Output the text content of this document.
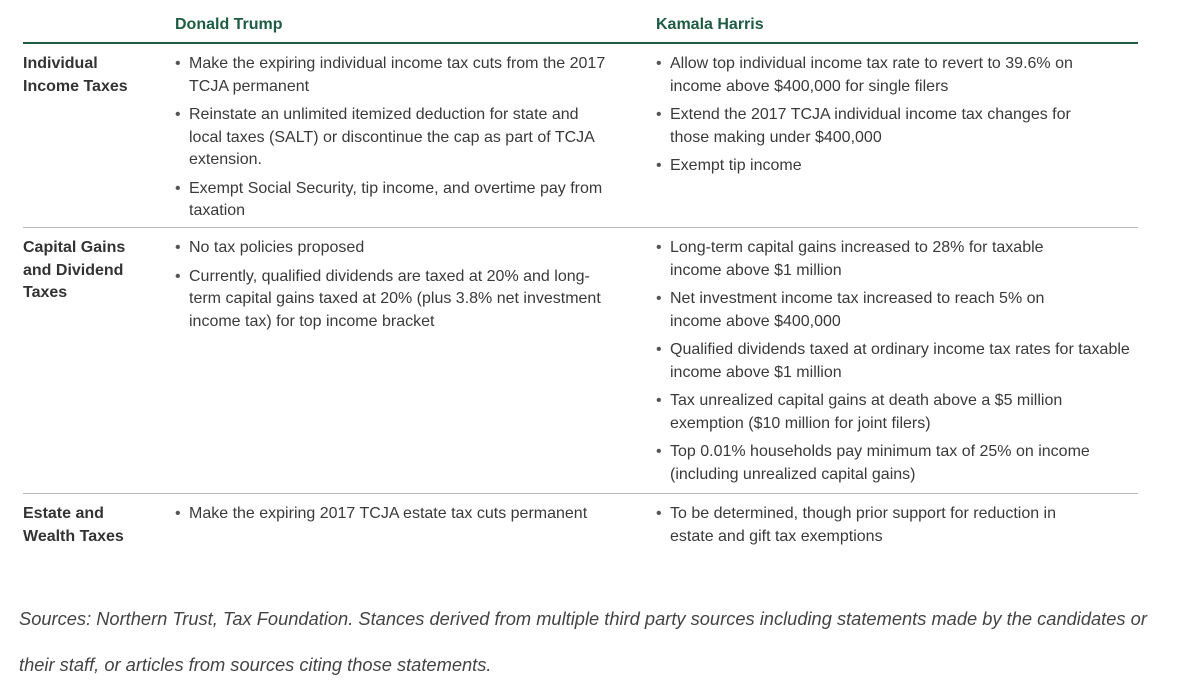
Donald Trump	Kamala Harris
Individual Income Taxes
• Make the expiring individual income tax cuts from the 2017 TCJA permanent
• Reinstate an unlimited itemized deduction for state and local taxes (SALT) or discontinue the cap as part of TCJA extension.
• Exempt Social Security, tip income, and overtime pay from taxation
• Allow top individual income tax rate to revert to 39.6% on income above $400,000 for single filers
• Extend the 2017 TCJA individual income tax changes for those making under $400,000
• Exempt tip income
Capital Gains and Dividend Taxes
• No tax policies proposed
• Currently, qualified dividends are taxed at 20% and long-term capital gains taxed at 20% (plus 3.8% net investment income tax) for top income bracket
• Long-term capital gains increased to 28% for taxable income above $1 million
• Net investment income tax increased to reach 5% on income above $400,000
• Qualified dividends taxed at ordinary income tax rates for taxable income above $1 million
• Tax unrealized capital gains at death above a $5 million exemption ($10 million for joint filers)
• Top 0.01% households pay minimum tax of 25% on income (including unrealized capital gains)
Estate and Wealth Taxes
• Make the expiring 2017 TCJA estate tax cuts permanent
•	To be determined, though prior support for reduction in estate and gift tax exemptions
Sources: Northern Trust, Tax Foundation. Stances derived from multiple third party sources including statements made by the candidates or their staff, or articles from sources citing those statements.
